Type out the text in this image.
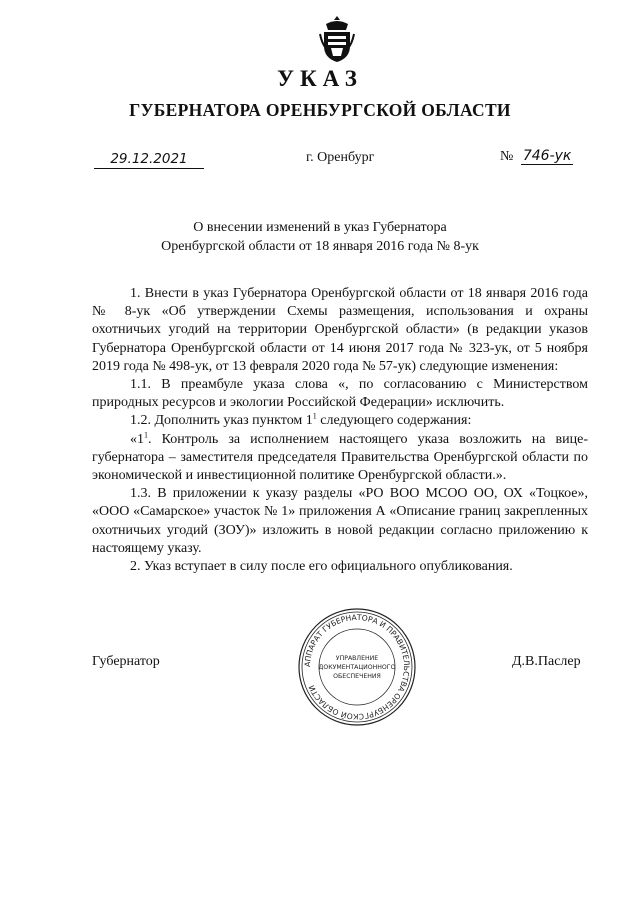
УКАЗ
ГУБЕРНАТОРА ОРЕНБУРГСКОЙ ОБЛАСТИ
29.12.2021	г. Оренбург	№ 746-ук
О внесении изменений в указ Губернатора
Оренбургской области от 18 января 2016 года № 8-ук

1. Внести в указ Губернатора Оренбургской области от 18 января 2016 года № 8-ук «Об утверждении Схемы размещения, использования и охраны охотничьих угодий на территории Оренбургской области» (в редакции указов Губернатора Оренбургской области от 14 июня 2017 года № 323-ук, от 5 ноября 2019 года № 498-ук, от 13 февраля 2020 года № 57-ук) следующие изменения:

1.1. В преамбуле указа слова «, по согласованию с Министерством природных ресурсов и экологии Российской Федерации» исключить.

1.2. Дополнить указ пунктом $1^1$ следующего содержания:

«$1^1$. Контроль за исполнением настоящего указа возложить на вице-губернатора – заместителя председателя Правительства Оренбургской области по экономической и инвестиционной политике Оренбургской области.».

1.3. В приложении к указу разделы «РО ВОО МСОО ОО, ОХ «Тоцкое», «ООО «Самарское» участок № 1» приложения А «Описание границ закрепленных охотничьих угодий (ЗОУ)» изложить в новой редакции согласно приложению к настоящему указу.

2. Указ вступает в силу после его официального опубликования.

Губернатор	Д.В.Паслер
АППАРАТ ГУБЕРНАТОРА И ПРАВИТЕЛЬСТВА ОРЕНБУРГСКОЙ ОБЛАСТИ
УПРАВЛЕНИЕ
ДОКУМЕНТАЦИОННОГО
ОБЕСПЕЧЕНИЯ
